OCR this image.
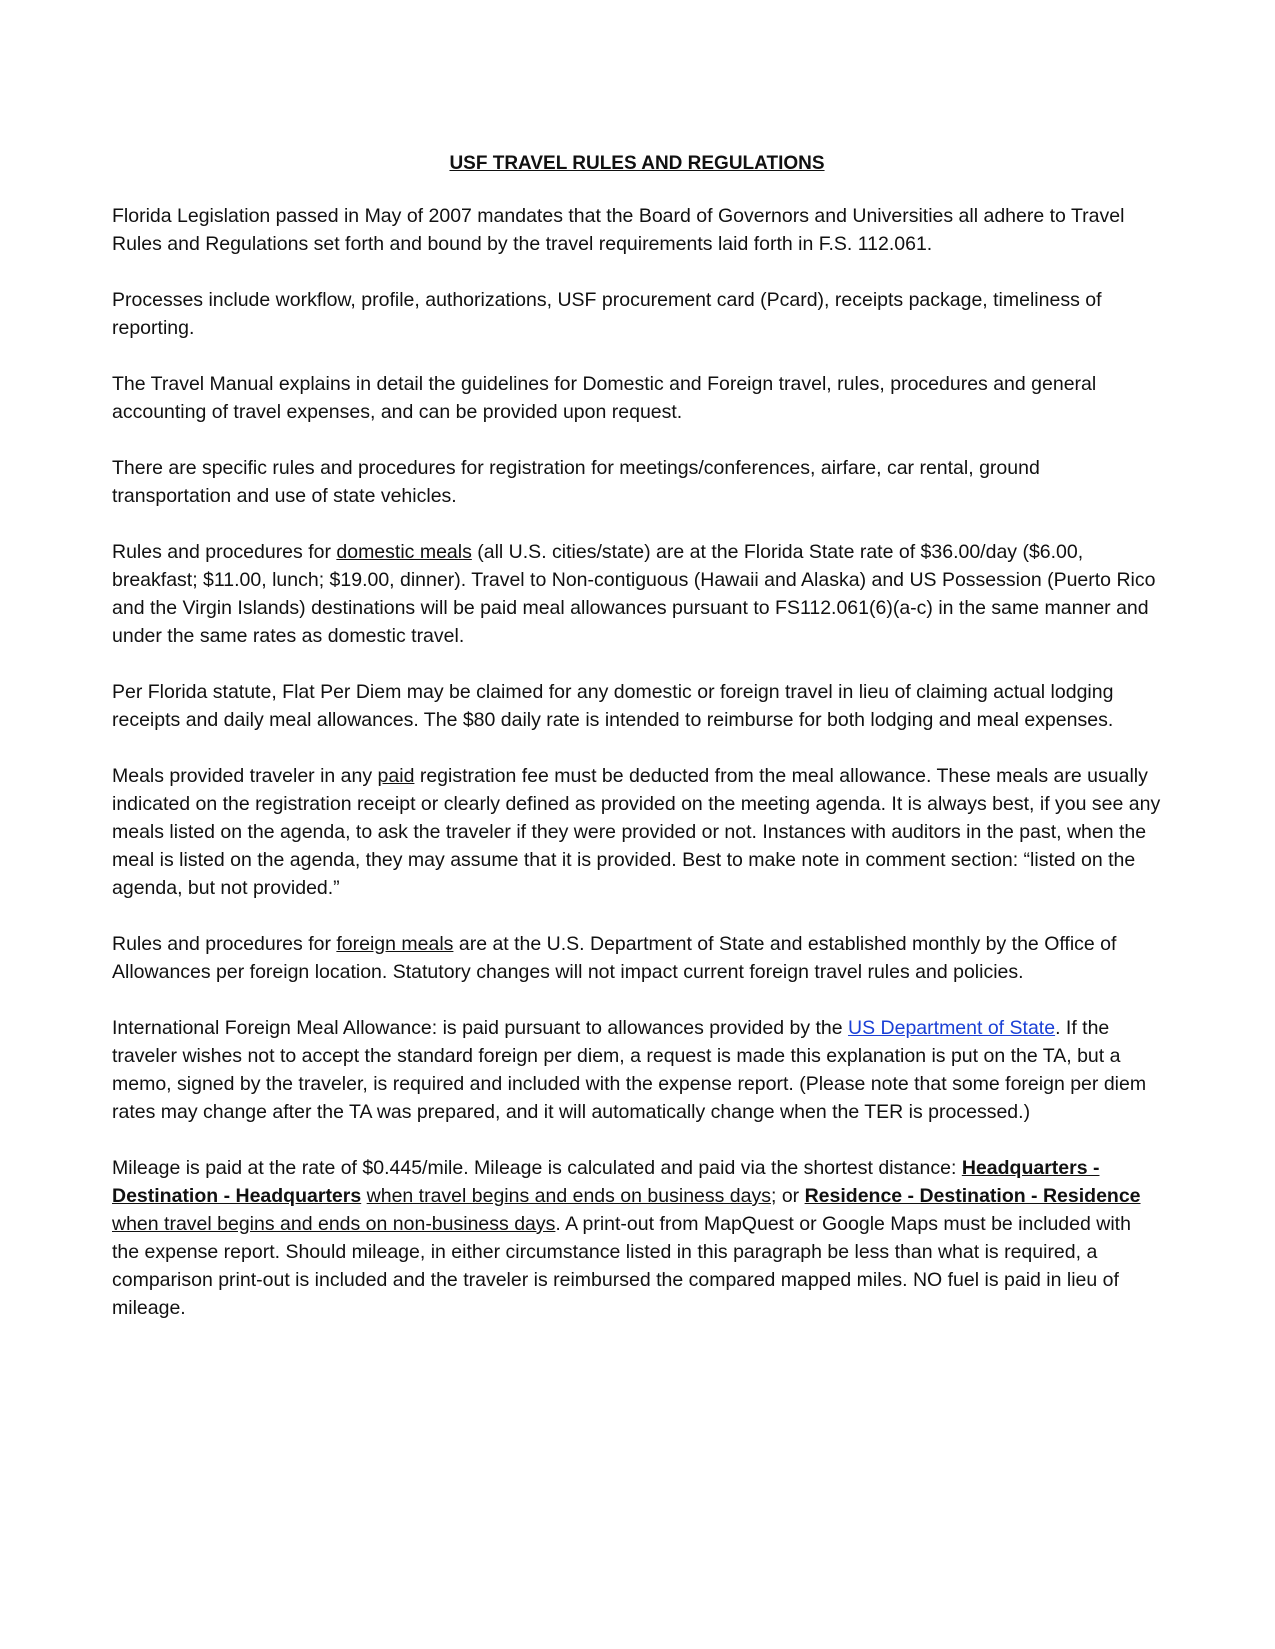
USF TRAVEL RULES AND REGULATIONS

Florida Legislation passed in May of 2007 mandates that the Board of Governors and Universities all adhere to Travel Rules and Regulations set forth and bound by the travel requirements laid forth in F.S. 112.061.

Processes include workflow, profile, authorizations, USF procurement card (Pcard), receipts package, timeliness of reporting.

The Travel Manual explains in detail the guidelines for Domestic and Foreign travel, rules, procedures and general accounting of travel expenses, and can be provided upon request.

There are specific rules and procedures for registration for meetings/conferences, airfare, car rental, ground transportation and use of state vehicles.

Rules and procedures for domestic meals (all U.S. cities/state) are at the Florida State rate of $36.00/day ($6.00, breakfast; $11.00, lunch; $19.00, dinner). Travel to Non-contiguous (Hawaii and Alaska) and US Possession (Puerto Rico and the Virgin Islands) destinations will be paid meal allowances pursuant to FS112.061(6)(a-c) in the same manner and under the same rates as domestic travel.

Per Florida statute, Flat Per Diem may be claimed for any domestic or foreign travel in lieu of claiming actual lodging receipts and daily meal allowances. The $80 daily rate is intended to reimburse for both lodging and meal expenses.

Meals provided traveler in any paid registration fee must be deducted from the meal allowance. These meals are usually indicated on the registration receipt or clearly defined as provided on the meeting agenda. It is always best, if you see any meals listed on the agenda, to ask the traveler if they were provided or not. Instances with auditors in the past, when the meal is listed on the agenda, they may assume that it is provided. Best to make note in comment section: “listed on the agenda, but not provided.”

Rules and procedures for foreign meals are at the U.S. Department of State and established monthly by the Office of Allowances per foreign location. Statutory changes will not impact current foreign travel rules and policies.

International Foreign Meal Allowance: is paid pursuant to allowances provided by the US Department of State. If the traveler wishes not to accept the standard foreign per diem, a request is made this explanation is put on the TA, but a memo, signed by the traveler, is required and included with the expense report. (Please note that some foreign per diem rates may change after the TA was prepared, and it will automatically change when the TER is processed.)

Mileage is paid at the rate of $0.445/mile. Mileage is calculated and paid via the shortest distance: Headquarters - Destination - Headquarters when travel begins and ends on business days; or Residence - Destination - Residence when travel begins and ends on non-business days. A print-out from MapQuest or Google Maps must be included with the expense report. Should mileage, in either circumstance listed in this paragraph be less than what is required, a comparison print-out is included and the traveler is reimbursed the compared mapped miles. NO fuel is paid in lieu of mileage.
